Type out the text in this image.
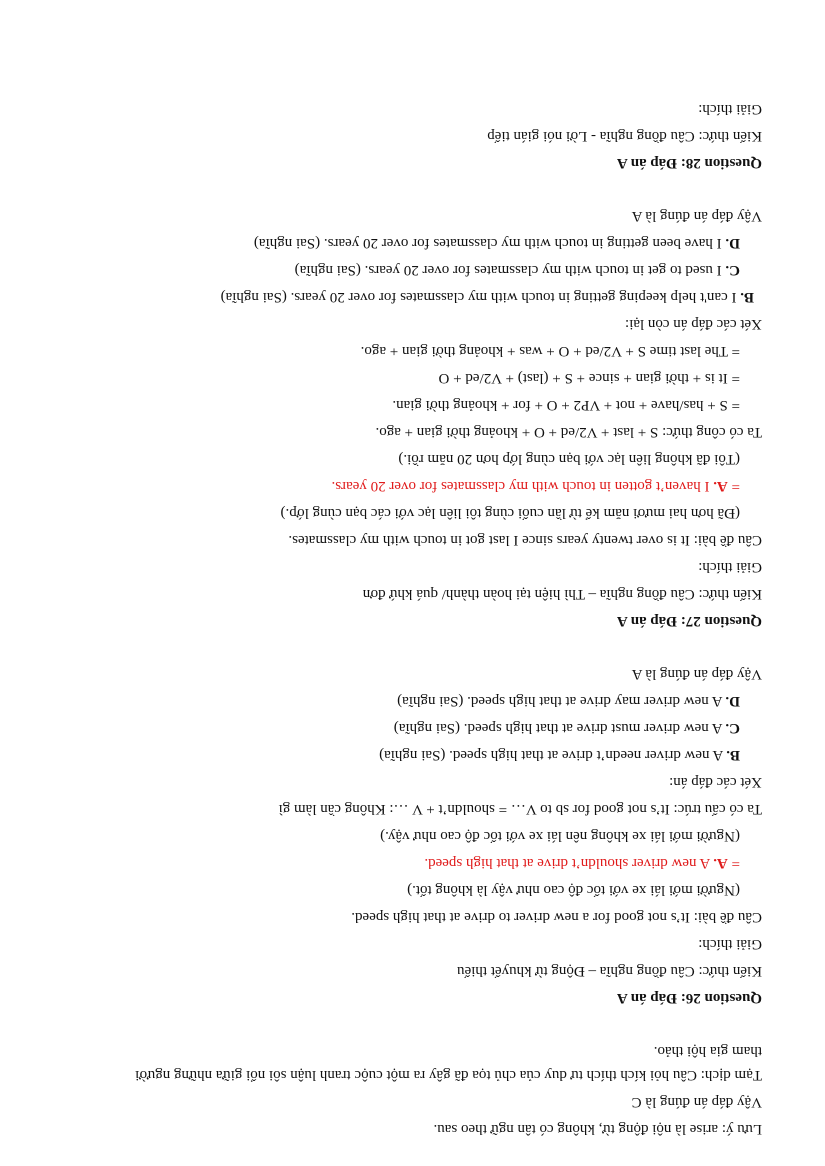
Lưu ý: arise là nội động từ, không có tân ngữ theo sau.
Vậy đáp án đúng là C
Tạm dịch: Câu hỏi kích thích tư duy của chủ tọa đã gây ra một cuộc tranh luận sôi nổi giữa những người
tham gia hội thảo.
Question 26: Đáp án A
Kiến thức: Câu đồng nghĩa – Động từ khuyết thiếu
Giải thích:
Câu đề bài: It’s not good for a new driver to drive at that high speed.
(Người mới lái xe với tốc độ cao như vậy là không tốt.)
= A. A new driver shouldn’t drive at that high speed.
(Người mới lái xe không nên lái xe với tốc độ cao như vậy.)
Ta có cấu trúc: It’s not good for sb to V… = shouldn’t + V …: Không cần làm gì
Xét các đáp án:
B. A new driver needn’t drive at that high speed. (Sai nghĩa)
C. A new driver must drive at that high speed. (Sai nghĩa)
D. A new driver may drive at that high speed. (Sai nghĩa)
Vậy đáp án đúng là A
Question 27: Đáp án A
Kiến thức: Câu đồng nghĩa – Thì hiện tại hoàn thành/ quá khứ đơn
Giải thích:
Câu đề bài: It is over twenty years since I last got in touch with my classmates.
(Đã hơn hai mươi năm kể từ lần cuối cùng tôi liên lạc với các bạn cùng lớp.)
= A. I haven’t gotten in touch with my classmates for over 20 years.
(Tôi đã không liên lạc với bạn cùng lớp hơn 20 năm rồi.)
Ta có công thức: S + last + V2/ed + O + khoảng thời gian + ago.
= S + has/have + not + VP2 + O + for + khoảng thời gian.
= It is + thời gian + since + S + (last) + V2/ed + O
= The last time S + V2/ed + O + was + khoảng thời gian + ago.
Xét các đáp án còn lại:
B. I can't help keeping getting in touch with my classmates for over 20 years. (Sai nghĩa)
C. I used to get in touch with my classmates for over 20 years. (Sai nghĩa)
D. I have been getting in touch with my classmates for over 20 years. (Sai nghĩa)
Vậy đáp án đúng là A
Question 28: Đáp án A
Kiến thức: Câu đồng nghĩa - Lời nói gián tiếp
Giải thích:
